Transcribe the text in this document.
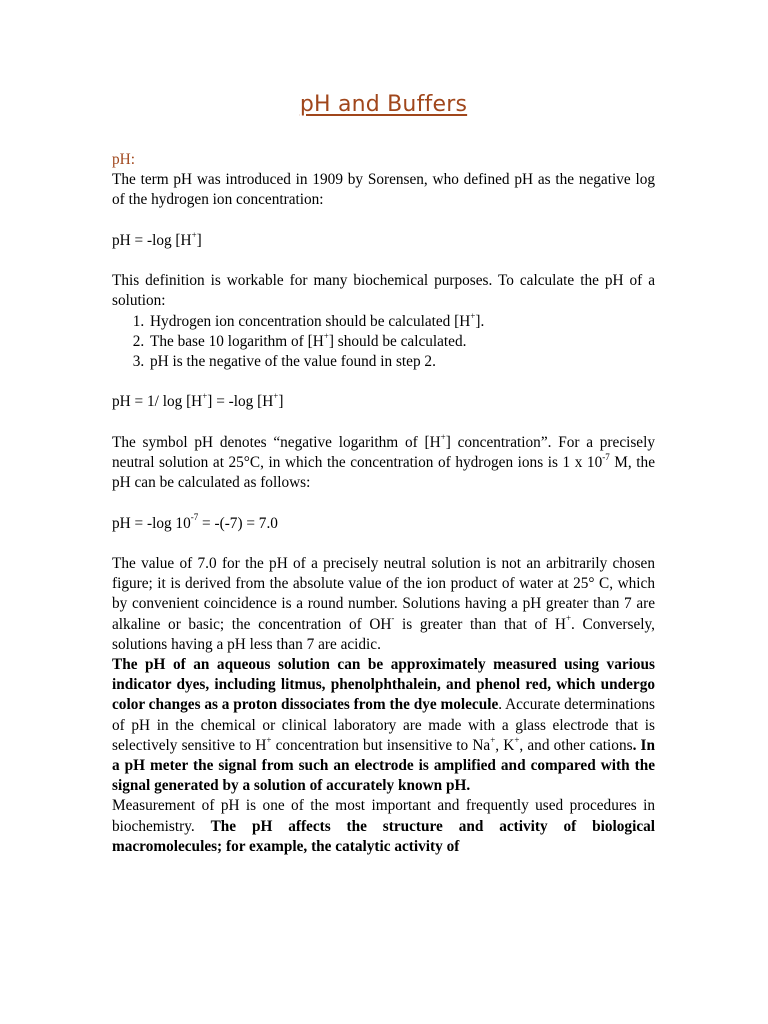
pH and Buffers

pH:

The term pH was introduced in 1909 by Sorensen, who defined pH as the negative log of the hydrogen ion concentration:

pH = -log [H+]

This definition is workable for many biochemical purposes. To calculate the pH of a solution:

1. Hydrogen ion concentration should be calculated [H+].
2. The base 10 logarithm of [H+] should be calculated.
3. pH is the negative of the value found in step 2.

pH = 1/ log [H+] = -log [H+]

The symbol pH denotes “negative logarithm of [H+] concentration”. For a precisely neutral solution at 25°C, in which the concentration of hydrogen ions is 1 x $10^{-7}$ M, the pH can be calculated as follows:

pH = -log $10^{-7} = -(-7) = 7.0$

The value of 7.0 for the pH of a precisely neutral solution is not an arbitrarily chosen figure; it is derived from the absolute value of the ion product of water at 25° C, which by convenient coincidence is a round number. Solutions having a pH greater than 7 are alkaline or basic; the concentration of OH- is greater than that of H+. Conversely, solutions having a pH less than 7 are acidic.

The pH of an aqueous solution can be approximately measured using various indicator dyes, including litmus, phenolphthalein, and phenol red, which undergo color changes as a proton dissociates from the dye molecule. Accurate determinations of pH in the chemical or clinical laboratory are made with a glass electrode that is selectively sensitive to H+ concentration but insensitive to Na+, K+, and other cations. In a pH meter the signal from such an electrode is amplified and compared with the signal generated by a solution of accurately known pH.

Measurement of pH is one of the most important and frequently used procedures in biochemistry. The pH affects the structure and activity of biological macromolecules; for example, the catalytic activity of
